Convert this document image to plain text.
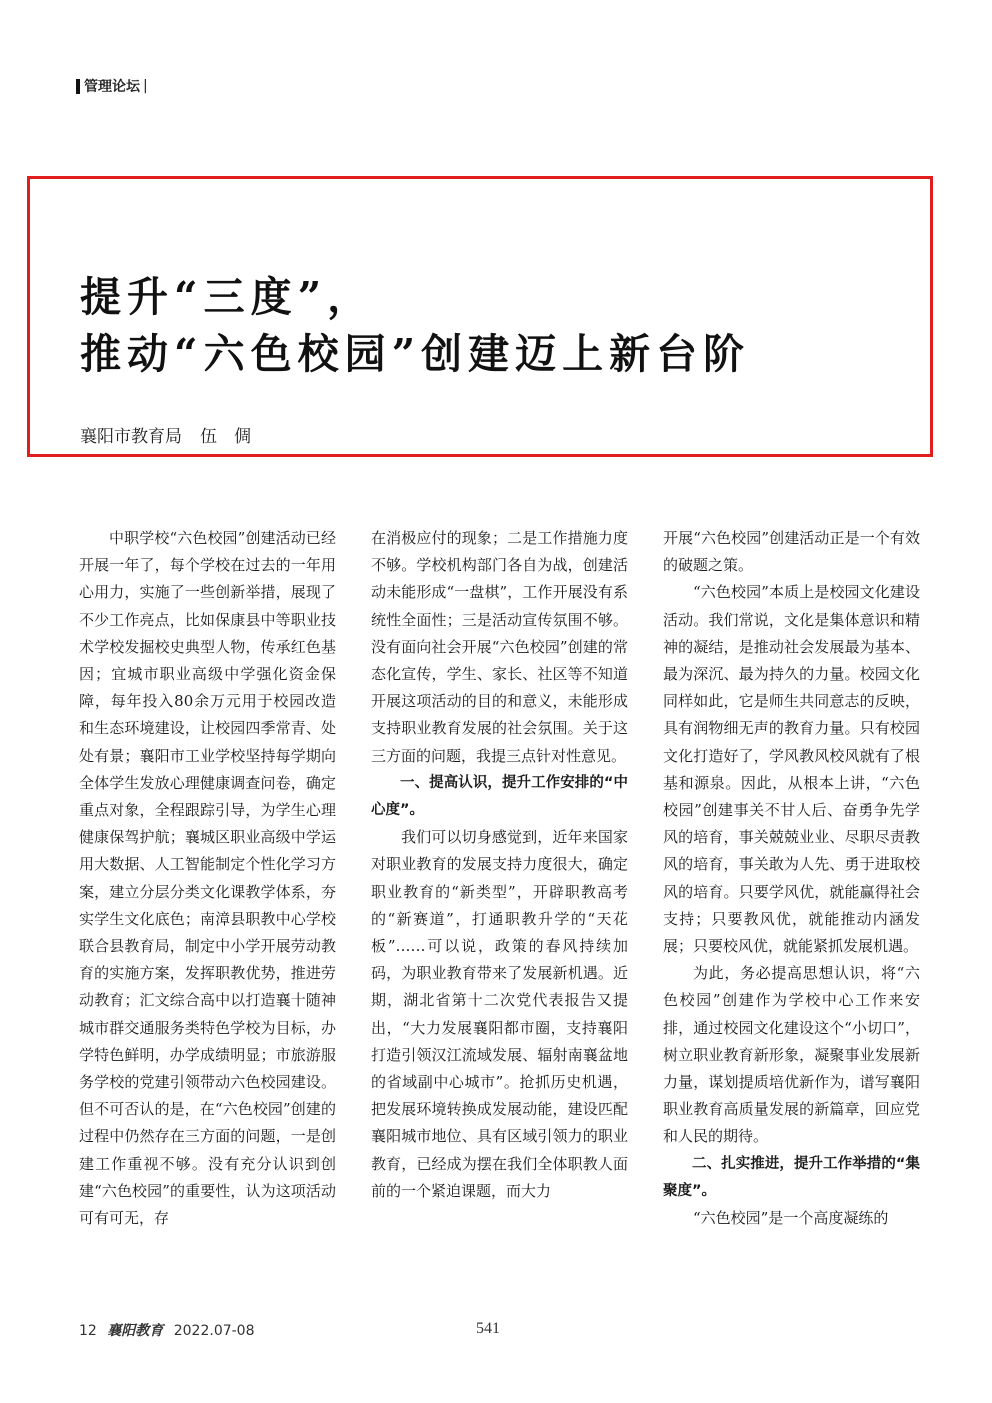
管理论坛 |
提升“三度”，
推动“六色校园”创建迈上新台阶
襄阳市教育局 伍　倜

中职学校“六色校园”创建活动已经开展一年了，每个学校在过去的一年用心用力，实施了一些创新举措，展现了不少工作亮点，比如保康县中等职业技术学校发掘校史典型人物，传承红色基因；宜城市职业高级中学强化资金保障，每年投入80余万元用于校园改造和生态环境建设，让校园四季常青、处处有景；襄阳市工业学校坚持每学期向全体学生发放心理健康调查问卷，确定重点对象，全程跟踪引导，为学生心理健康保驾护航；襄城区职业高级中学运用大数据、人工智能制定个性化学习方案，建立分层分类文化课教学体系，夯实学生文化底色；南漳县职教中心学校联合县教育局，制定中小学开展劳动教育的实施方案，发挥职教优势，推进劳动教育；汇文综合高中以打造襄十随神城市群交通服务类特色学校为目标，办学特色鲜明，办学成绩明显；市旅游服务学校的党建引领带动六色校园建设。但不可否认的是，在“六色校园”创建的过程中仍然存在三方面的问题，一是创建工作重视不够。没有充分认识到创建“六色校园”的重要性，认为这项活动可有可无，存

在消极应付的现象；二是工作措施力度不够。学校机构部门各自为战，创建活动未能形成“一盘棋”，工作开展没有系统性全面性；三是活动宣传氛围不够。没有面向社会开展“六色校园”创建的常态化宣传，学生、家长、社区等不知道开展这项活动的目的和意义，未能形成支持职业教育发展的社会氛围。关于这三方面的问题，我提三点针对性意见。

一、提高认识，提升工作安排的“中心度”。

我们可以切身感觉到，近年来国家对职业教育的发展支持力度很大，确定职业教育的“新类型”，开辟职教高考的“新赛道”，打通职教升学的“天花板”……可以说，政策的春风持续加码，为职业教育带来了发展新机遇。近期，湖北省第十二次党代表报告又提出，“大力发展襄阳都市圈，支持襄阳打造引领汉江流域发展、辐射南襄盆地的省域副中心城市”。抢抓历史机遇，把发展环境转换成发展动能，建设匹配襄阳城市地位、具有区域引领力的职业教育，已经成为摆在我们全体职教人面前的一个紧迫课题，而大力

开展“六色校园”创建活动正是一个有效的破题之策。

“六色校园”本质上是校园文化建设活动。我们常说，文化是集体意识和精神的凝结，是推动社会发展最为基本、最为深沉、最为持久的力量。校园文化同样如此，它是师生共同意志的反映，具有润物细无声的教育力量。只有校园文化打造好了，学风教风校风就有了根基和源泉。因此，从根本上讲，“六色校园”创建事关不甘人后、奋勇争先学风的培育，事关兢兢业业、尽职尽责教风的培育，事关敢为人先、勇于进取校风的培育。只要学风优，就能赢得社会支持；只要教风优，就能推动内涵发展；只要校风优，就能紧抓发展机遇。

为此，务必提高思想认识，将“六色校园”创建作为学校中心工作来安排，通过校园文化建设这个“小切口”，树立职业教育新形象，凝聚事业发展新力量，谋划提质培优新作为，谱写襄阳职业教育高质量发展的新篇章，回应党和人民的期待。

二、扎实推进，提升工作举措的“集聚度”。

“六色校园”是一个高度凝练的

12 襄阳教育 2022.07-08	541
